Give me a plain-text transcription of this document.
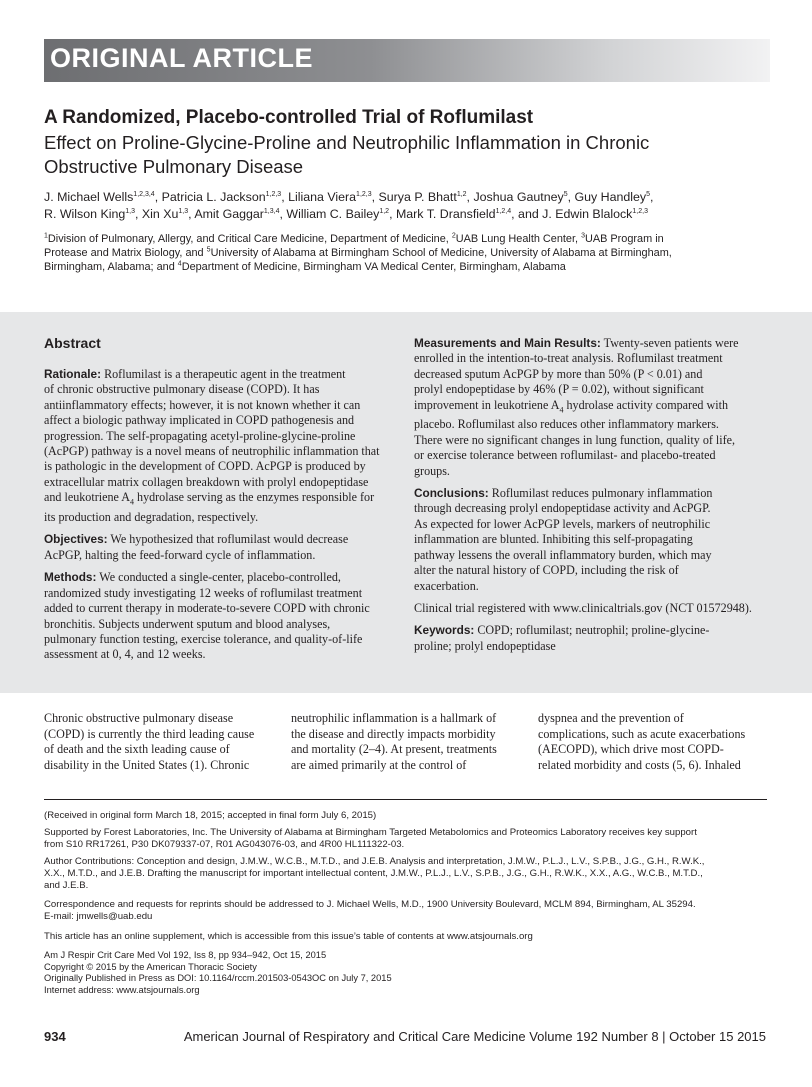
ORIGINAL ARTICLE
A Randomized, Placebo-controlled Trial of Roflumilast
Effect on Proline-Glycine-Proline and Neutrophilic Inflammation in Chronic
Obstructive Pulmonary Disease
J. Michael Wells$^{1,2,3,4}$, Patricia L. Jackson$^{1,2,3}$, Liliana Viera$^{1,2,3}$, Surya P. Bhatt$^{1,2}$, Joshua Gautney$^5$, Guy Handley$^5$,
R. Wilson King$^{1,3}$, Xin Xu$^{1,3}$, Amit Gaggar$^{1,3,4}$, William C. Bailey$^{1,2}$, Mark T. Dransfield$^{1,2,4}$, and J. Edwin Blalock$^{1,2,3}$
$^1$Division of Pulmonary, Allergy, and Critical Care Medicine, Department of Medicine, $^2$UAB Lung Health Center, $^3$UAB Program in
Protease and Matrix Biology, and $^5$University of Alabama at Birmingham School of Medicine, University of Alabama at Birmingham,
Birmingham, Alabama; and $^4$Department of Medicine, Birmingham VA Medical Center, Birmingham, Alabama
Abstract

Rationale: Roflumilast is a therapeutic agent in the treatment

of chronic obstructive pulmonary disease (COPD). It has

antiinflammatory effects; however, it is not known whether it can

affect a biologic pathway implicated in COPD pathogenesis and

progression. The self-propagating acetyl-proline-glycine-proline

(AcPGP) pathway is a novel means of neutrophilic inflammation that

is pathologic in the development of COPD. AcPGP is produced by

extracellular matrix collagen breakdown with prolyl endopeptidase

and leukotriene $A_4$ hydrolase serving as the enzymes responsible for

its production and degradation, respectively.

Objectives: We hypothesized that roflumilast would decrease

AcPGP, halting the feed-forward cycle of inflammation.

Methods: We conducted a single-center, placebo-controlled,

randomized study investigating 12 weeks of roflumilast treatment

added to current therapy in moderate-to-severe COPD with chronic

bronchitis. Subjects underwent sputum and blood analyses,

pulmonary function testing, exercise tolerance, and quality-of-life

assessment at 0, 4, and 12 weeks.

Measurements and Main Results: Twenty-seven patients were

enrolled in the intention-to-treat analysis. Roflumilast treatment

decreased sputum AcPGP by more than 50% (P < 0.01) and

prolyl endopeptidase by 46% (P = 0.02), without significant

improvement in leukotriene $A_4$ hydrolase activity compared with

placebo. Roflumilast also reduces other inflammatory markers.

There were no significant changes in lung function, quality of life,

or exercise tolerance between roflumilast- and placebo-treated

groups.

Conclusions: Roflumilast reduces pulmonary inflammation

through decreasing prolyl endopeptidase activity and AcPGP.

As expected for lower AcPGP levels, markers of neutrophilic

inflammation are blunted. Inhibiting this self-propagating

pathway lessens the overall inflammatory burden, which may

alter the natural history of COPD, including the risk of

exacerbation.

Clinical trial registered with www.clinicaltrials.gov (NCT 01572948).

Keywords: COPD; roflumilast; neutrophil; proline-glycine-

proline; prolyl endopeptidase

Chronic obstructive pulmonary disease

(COPD) is currently the third leading cause

of death and the sixth leading cause of

disability in the United States (1). Chronic

neutrophilic inflammation is a hallmark of

the disease and directly impacts morbidity

and mortality (2–4). At present, treatments

are aimed primarily at the control of

dyspnea and the prevention of

complications, such as acute exacerbations

(AECOPD), which drive most COPD-

related morbidity and costs (5, 6). Inhaled

(Received in original form March 18, 2015; accepted in final form July 6, 2015)

Supported by Forest Laboratories, Inc. The University of Alabama at Birmingham Targeted Metabolomics and Proteomics Laboratory receives key support

from S10 RR17261, P30 DK079337-07, R01 AG043076-03, and 4R00 HL111322-03.

Author Contributions: Conception and design, J.M.W., W.C.B., M.T.D., and J.E.B. Analysis and interpretation, J.M.W., P.L.J., L.V., S.P.B., J.G., G.H., R.W.K.,

X.X., M.T.D., and J.E.B. Drafting the manuscript for important intellectual content, J.M.W., P.L.J., L.V., S.P.B., J.G., G.H., R.W.K., X.X., A.G., W.C.B., M.T.D.,

and J.E.B.

Correspondence and requests for reprints should be addressed to J. Michael Wells, M.D., 1900 University Boulevard, MCLM 894, Birmingham, AL 35294.

E-mail: jmwells@uab.edu

This article has an online supplement, which is accessible from this issue’s table of contents at www.atsjournals.org

Am J Respir Crit Care Med Vol 192, Iss 8, pp 934–942, Oct 15, 2015

Copyright © 2015 by the American Thoracic Society

Originally Published in Press as DOI: 10.1164/rccm.201503-0543OC on July 7, 2015

Internet address: www.atsjournals.org

934	American Journal of Respiratory and Critical Care Medicine Volume 192 Number 8 | October 15 2015
